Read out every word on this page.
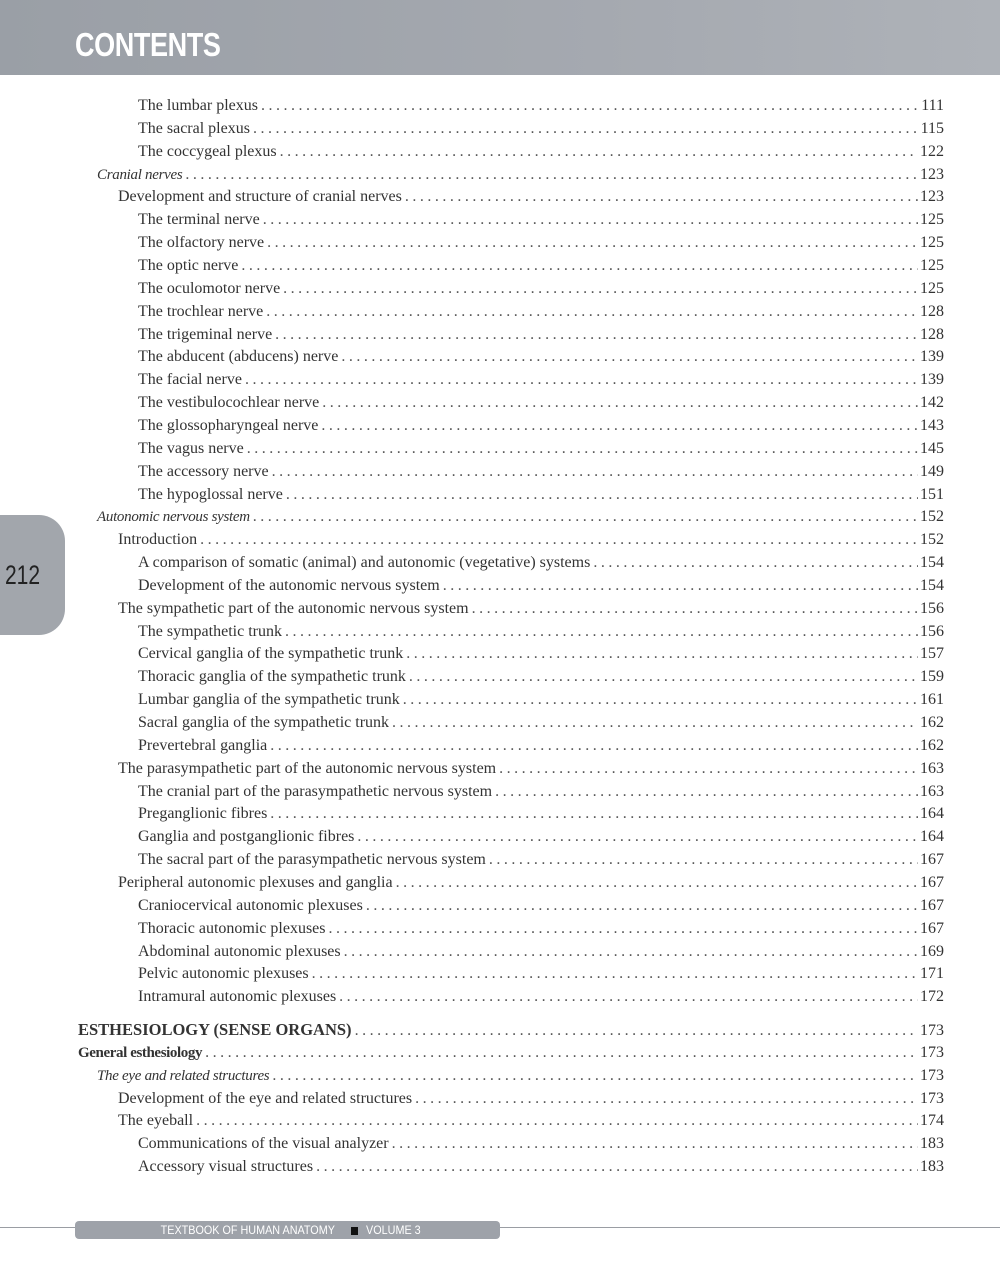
CONTENTS
212
The lumbar plexus . . .	111
The sacral plexus . . .	115
The coccygeal plexus . . .	122
Cranial nerves . . .	123
Development and structure of cranial nerves . . .	123
The terminal nerve . . .	125
The olfactory nerve . . .	125
The optic nerve . . .	125
The oculomotor nerve . . .	125
The trochlear nerve . . .	128
The trigeminal nerve . . .	128
The abducent (abducens) nerve . . .	139
The facial nerve . . .	139
The vestibulocochlear nerve . . .	142
The glossopharyngeal nerve . . .	143
The vagus nerve . . .	145
The accessory nerve . . .	149
The hypoglossal nerve . . .	151
Autonomic nervous system . . .	152
Introduction . . .	152
A comparison of somatic (animal) and autonomic (vegetative) systems . . .	154
Development of the autonomic nervous system . . .	154
The sympathetic part of the autonomic nervous system . . .	156
The sympathetic trunk . . .	156
Cervical ganglia of the sympathetic trunk . . .	157
Thoracic ganglia of the sympathetic trunk . . .	159
Lumbar ganglia of the sympathetic trunk . . .	161
Sacral ganglia of the sympathetic trunk . . .	162
Prevertebral ganglia . . .	162
The parasympathetic part of the autonomic nervous system . . .	163
The cranial part of the parasympathetic nervous system . . .	163
Preganglionic fibres . . .	164
Ganglia and postganglionic fibres . . .	164
The sacral part of the parasympathetic nervous system . . .	167
Peripheral autonomic plexuses and ganglia . . .	167
Craniocervical autonomic plexuses . . .	167
Thoracic autonomic plexuses . . .	167
Abdominal autonomic plexuses . . .	169
Pelvic autonomic plexuses . . .	171
Intramural autonomic plexuses . . .	172
ESTHESIOLOGY (SENSE ORGANS) . . .	173
General esthesiology . . .	173
The eye and related structures . . .	173
Development of the eye and related structures . . .	173
The eyeball . . .	174
Communications of the visual analyzer . . .	183
Accessory visual structures . . .	183
TEXTBOOK OF HUMAN ANATOMY	VOLUME 3
